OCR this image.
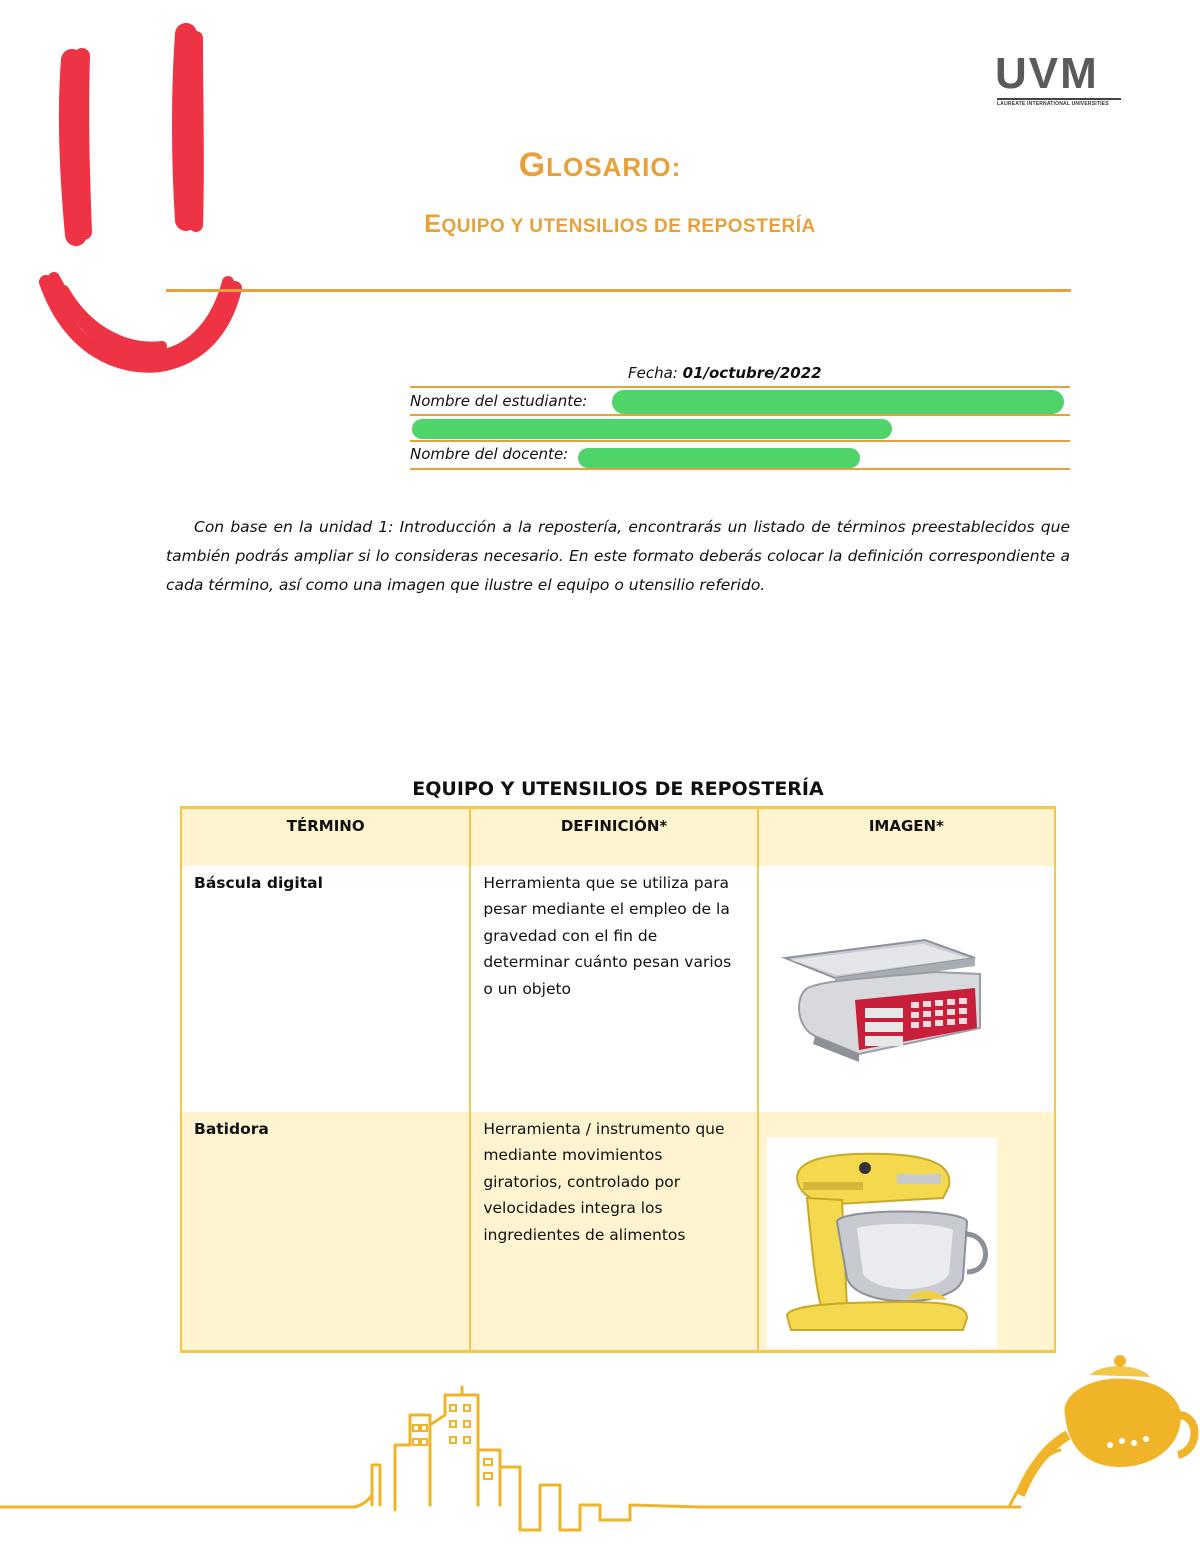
UVM
LAUREATE INTERNATIONAL UNIVERSITIES
GLOSARIO:
EQUIPO Y UTENSILIOS DE REPOSTERÍA
Fecha: 01/octubre/2022
Nombre del estudiante:
Nombre del docente:

Con base en la unidad 1: Introducción a la repostería, encontrarás un listado de términos preestablecidos que también podrás ampliar si lo consideras necesario. En este formato deberás colocar la definición correspondiente a cada término, así como una imagen que ilustre el equipo o utensilio referido.

EQUIPO Y UTENSILIOS DE REPOSTERÍA
TÉRMINO	DEFINICIÓN*	IMAGEN*
Báscula digital	Herramienta que se utiliza para pesar mediante el empleo de la gravedad con el fin de determinar cuánto pesan varios o un objeto	

Batidora	Herramienta / instrumento que mediante movimientos giratorios, controlado por velocidades integra los ingredientes de alimentos	
